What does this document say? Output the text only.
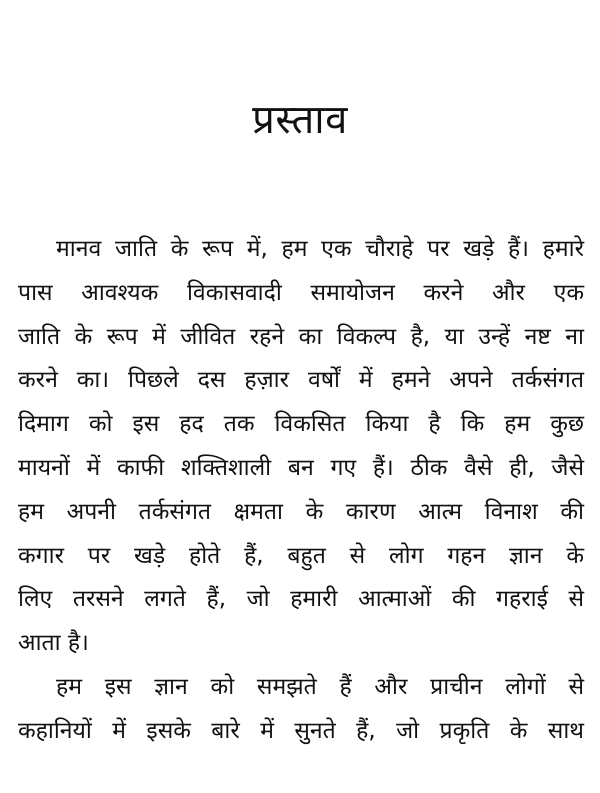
प्रस्ताव
मानव जाति के रूप में, हम एक चौराहे पर खड़े हैं। हमारे
पास आवश्यक विकासवादी समायोजन करने और एक
जाति के रूप में जीवित रहने का विकल्प है, या उन्हें नष्ट ना
करने का। पिछले दस हज़ार वर्षों में हमने अपने तर्कसंगत
दिमाग को इस हद तक विकसित किया है कि हम कुछ
मायनों में काफी शक्तिशाली बन गए हैं। ठीक वैसे ही, जैसे
हम अपनी तर्कसंगत क्षमता के कारण आत्म विनाश की
कगार पर खड़े होते हैं, बहुत से लोग गहन ज्ञान के
लिए तरसने लगते हैं, जो हमारी आत्माओं की गहराई से
आता है।
हम इस ज्ञान को समझते हैं और प्राचीन लोगों से
कहानियों में इसके बारे में सुनते हैं, जो प्रकृति के साथ
